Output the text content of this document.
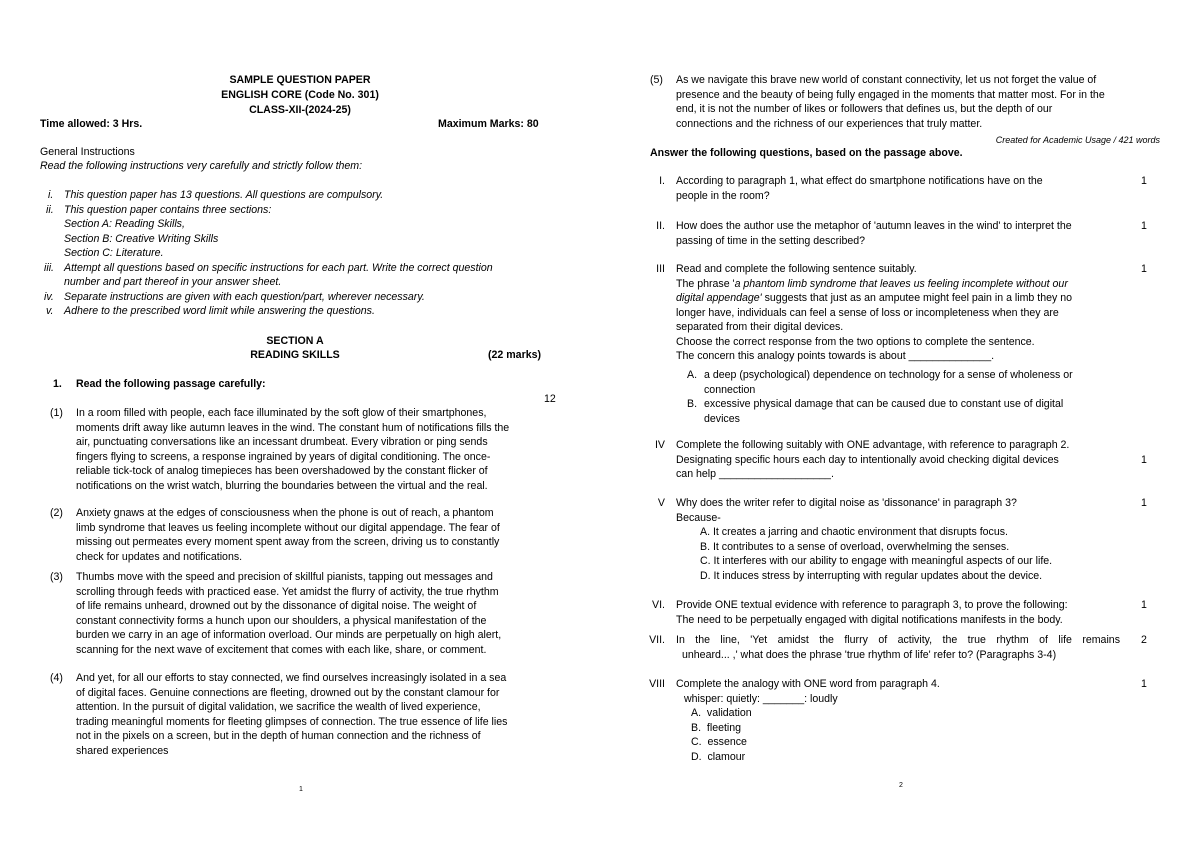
SAMPLE QUESTION PAPER
ENGLISH CORE (Code No. 301)
CLASS-XII-(2024-25)
Time allowed: 3 Hrs.	Maximum Marks: 80
General Instructions
Read the following instructions very carefully and strictly follow them:
i. This question paper has 13 questions. All questions are compulsory.
ii. This question paper contains three sections:
Section A: Reading Skills,
Section B: Creative Writing Skills
Section C: Literature.
iii. Attempt all questions based on specific instructions for each part. Write the correct question
number and part thereof in your answer sheet.
iv. Separate instructions are given with each question/part, wherever necessary.
v. Adhere to the prescribed word limit while answering the questions.
SECTION A
READING SKILLS	(22 marks)
1. Read the following passage carefully:
12
(1) In a room filled with people, each face illuminated by the soft glow of their smartphones,
moments drift away like autumn leaves in the wind. The constant hum of notifications fills the
air, punctuating conversations like an incessant drumbeat. Every vibration or ping sends
fingers flying to screens, a response ingrained by years of digital conditioning. The once-
reliable tick-tock of analog timepieces has been overshadowed by the constant flicker of
notifications on the wrist watch, blurring the boundaries between the virtual and the real.
(2) Anxiety gnaws at the edges of consciousness when the phone is out of reach, a phantom
limb syndrome that leaves us feeling incomplete without our digital appendage. The fear of
missing out permeates every moment spent away from the screen, driving us to constantly
check for updates and notifications.
(3) Thumbs move with the speed and precision of skillful pianists, tapping out messages and
scrolling through feeds with practiced ease. Yet amidst the flurry of activity, the true rhythm
of life remains unheard, drowned out by the dissonance of digital noise. The weight of
constant connectivity forms a hunch upon our shoulders, a physical manifestation of the
burden we carry in an age of information overload. Our minds are perpetually on high alert,
scanning for the next wave of excitement that comes with each like, share, or comment.
(4) And yet, for all our efforts to stay connected, we find ourselves increasingly isolated in a sea
of digital faces. Genuine connections are fleeting, drowned out by the constant clamour for
attention. In the pursuit of digital validation, we sacrifice the wealth of lived experience,
trading meaningful moments for fleeting glimpses of connection. The true essence of life lies
not in the pixels on a screen, but in the depth of human connection and the richness of
shared experiences
1
(5) As we navigate this brave new world of constant connectivity, let us not forget the value of
presence and the beauty of being fully engaged in the moments that matter most. For in the
end, it is not the number of likes or followers that defines us, but the depth of our
connections and the richness of our experiences that truly matter.
Created for Academic Usage / 421 words
Answer the following questions, based on the passage above.
I. According to paragraph 1, what effect do smartphone notifications have on the
people in the room?
1
II. How does the author use the metaphor of 'autumn leaves in the wind' to interpret the
passing of time in the setting described?
1
III Read and complete the following sentence suitably.
The phrase 'a phantom limb syndrome that leaves us feeling incomplete without our
digital appendage' suggests that just as an amputee might feel pain in a limb they no
longer have, individuals can feel a sense of loss or incompleteness when they are
separated from their digital devices.
Choose the correct response from the two options to complete the sentence.
The concern this analogy points towards is about ______________.
1
A. a deep (psychological) dependence on technology for a sense of wholeness or
connection
B. excessive physical damage that can be caused due to constant use of digital
devices
IV Complete the following suitably with ONE advantage, with reference to paragraph 2.
Designating specific hours each day to intentionally avoid checking digital devices
can help ___________________.
1
V Why does the writer refer to digital noise as 'dissonance' in paragraph 3?
Because-
1
A. It creates a jarring and chaotic environment that disrupts focus.
B. It contributes to a sense of overload, overwhelming the senses.
C. It interferes with our ability to engage with meaningful aspects of our life.
D. It induces stress by interrupting with regular updates about the device.
VI. Provide ONE textual evidence with reference to paragraph 3, to prove the following:
The need to be perpetually engaged with digital notifications manifests in the body.
1
VII. In the line, 'Yet amidst the flurry of activity, the true rhythm of life remains
unheard... ,' what does the phrase 'true rhythm of life' refer to? (Paragraphs 3-4)
2
VIII Complete the analogy with ONE word from paragraph 4.
whisper: quietly: _______: loudly
1
A.  validation
B.  fleeting
C.  essence
D.  clamour
2
